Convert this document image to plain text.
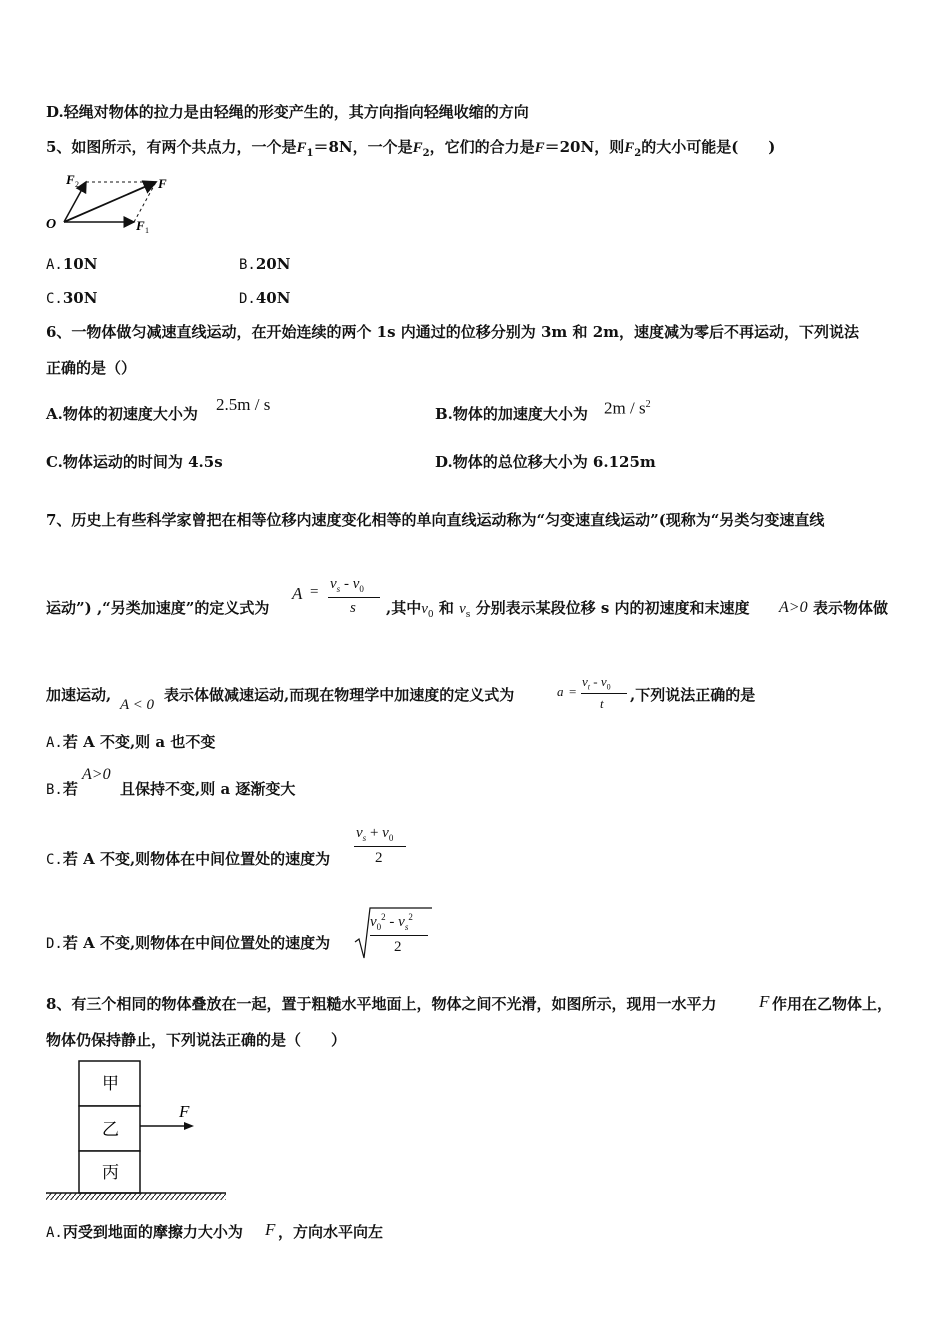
D.轻绳对物体的拉力是由轻绳的形变产生的，其方向指向轻绳收缩的方向
5、如图所示，有两个共点力，一个是$F_1=8N$，一个是$F_2$，它们的合力是F＝20N，则$F_2$的大小可能是(　　)
O	F 1
F 2	F
A.10N	B.20N
C.30N	D.40N
6、一物体做匀减速直线运动，在开始连续的两个 1s 内通过的位移分别为 3m 和 2m，速度减为零后不再运动，下列说法
正确的是（）
A.物体的初速度大小为 2.5m / s	B.物体的加速度大小为 $2m / s^2$
C.物体运动的时间为 4.5s	D.物体的总位移大小为 6.125m
7、历史上有些科学家曾把在相等位移内速度变化相等的单向直线运动称为“匀变速直线运动”(现称为“另类匀变速直线
运动”) ,“另类加速度”的定义式为
$A = v_s - v_0$
s ,其中$v_0$ 和 $v_s$ 分别表示某段位移 s 内的初速度和末速度 A>0 表示物体做
加速运动,
A < 0
表示体做减速运动,而现在物理学中加速度的定义式为	a =
$v_t - v_0$
t ,下列说法正确的是
A.若 A 不变,则 a 也不变
B.若
A>0
且保持不变,则 a 逐渐变大
C.若 A 不变,则物体在中间位置处的速度为
$v_s + v_0$
2
D.若 A 不变,则物体在中间位置处的速度为
$v_0^2 - v_s^2$
2
8、有三个相同的物体叠放在一起，置于粗糙水平地面上，物体之间不光滑，如图所示，现用一水平力	F 作用在乙物体上，
物体仍保持静止，下列说法正确的是（　　）
甲
乙
丙
F
A.丙受到地面的摩擦力大小为 F ，方向水平向左
